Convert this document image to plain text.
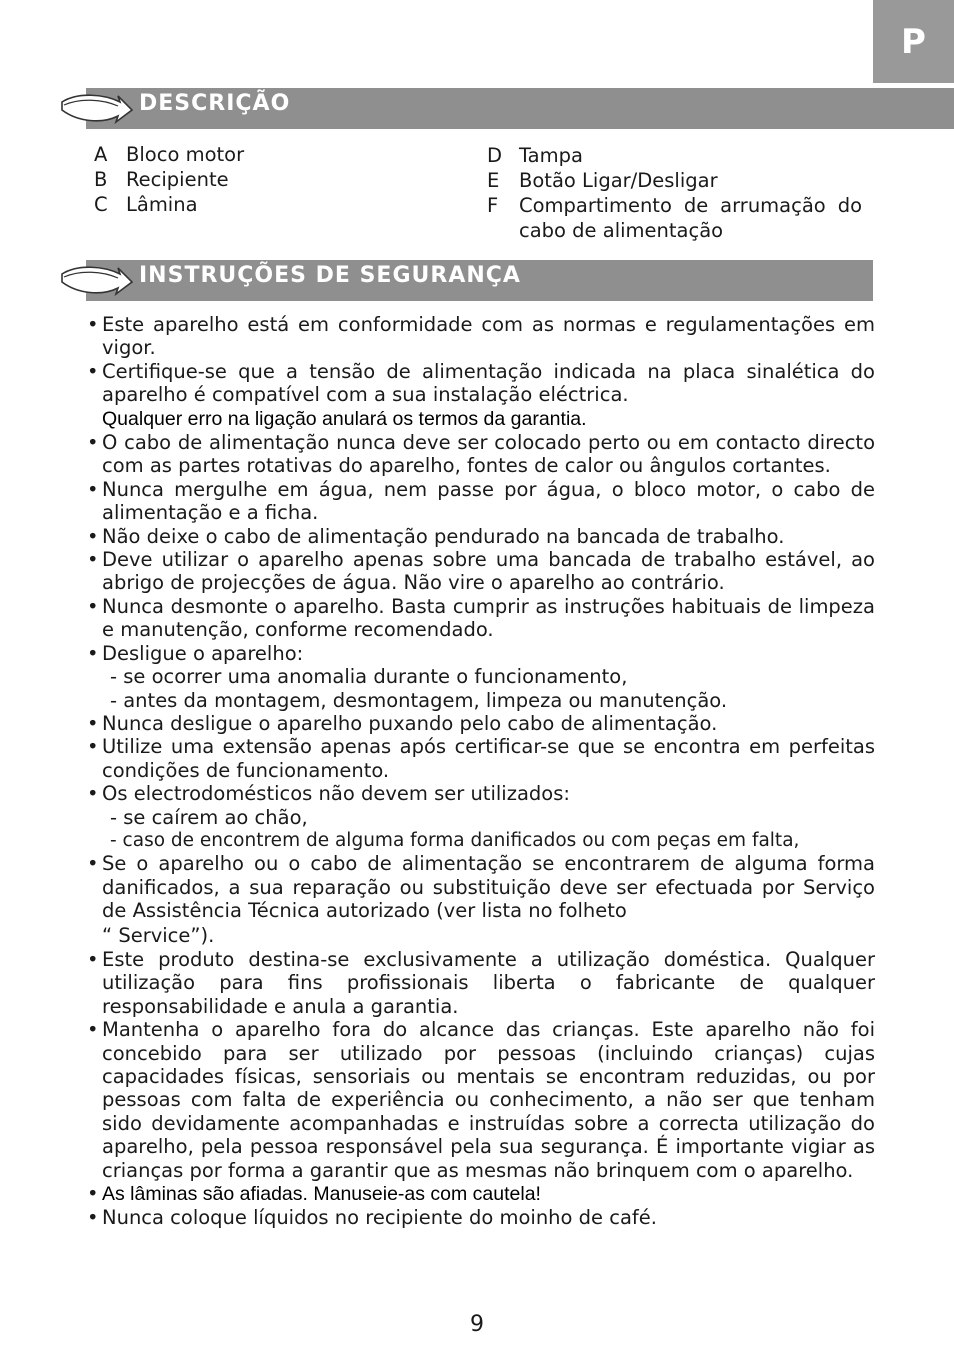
P
DESCRIÇÃO
A Bloco motor
B Recipiente
C Lâmina
D Tampa
E Botão Ligar/Desligar
F Compartimento de arrumação do cabo de alimentação
INSTRUÇÕES DE SEGURANÇA
• Este aparelho está em conformidade com as normas e regulamentações em vigor.
• Certifique-se que a tensão de alimentação indicada na placa sinalética do aparelho é compatível com a sua instalação eléctrica.
Qualquer erro na ligação anulará os termos da garantia.
• O cabo de alimentação nunca deve ser colocado perto ou em contacto directo com as partes rotativas do aparelho, fontes de calor ou ângulos cortantes.
• Nunca mergulhe em água, nem passe por água, o bloco motor, o cabo de alimentação e a ficha.
• Não deixe o cabo de alimentação pendurado na bancada de trabalho.
• Deve utilizar o aparelho apenas sobre uma bancada de trabalho estável, ao abrigo de projecções de água. Não vire o aparelho ao contrário.
• Nunca desmonte o aparelho. Basta cumprir as instruções habituais de limpeza e manutenção, conforme recomendado.
• Desligue o aparelho:
- se ocorrer uma anomalia durante o funcionamento,
- antes da montagem, desmontagem, limpeza ou manutenção.
• Nunca desligue o aparelho puxando pelo cabo de alimentação.
• Utilize uma extensão apenas após certificar-se que se encontra em perfeitas condições de funcionamento.
• Os electrodomésticos não devem ser utilizados:
- se caírem ao chão,
- caso de encontrem de alguma forma danificados ou com peças em falta,
• Se o aparelho ou o cabo de alimentação se encontrarem de alguma forma danificados, a sua reparação ou substituição deve ser efectuada por Serviço de Assistência Técnica autorizado (ver lista no folheto
“ Service”).
• Este produto destina-se exclusivamente a utilização doméstica. Qualquer utilização para fins profissionais liberta o fabricante de qualquer responsabilidade e anula a garantia.
• Mantenha o aparelho fora do alcance das crianças. Este aparelho não foi concebido para ser utilizado por pessoas (incluindo crianças) cujas capacidades físicas, sensoriais ou mentais se encontram reduzidas, ou por pessoas com falta de experiência ou conhecimento, a não ser que tenham sido devidamente acompanhadas e instruídas sobre a correcta utilização do aparelho, pela pessoa responsável pela sua segurança. É importante vigiar as crianças por forma a garantir que as mesmas não brinquem com o aparelho.
• As lâminas são afiadas. Manuseie-as com cautela!
• Nunca coloque líquidos no recipiente do moinho de café.
9
